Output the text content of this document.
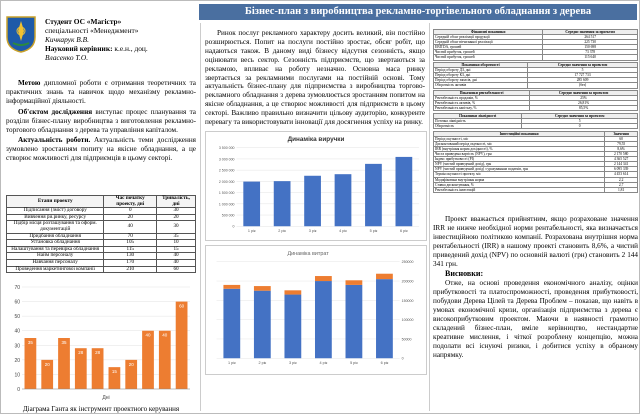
Бізнес-план з виробництва рекламно-торгівельного обладнання з дерева
Студент ОС «Магістр»
спеціальності «Менеджмент»
Кичкарук В.В.
Науковий керівник: к.е.н., доц.
Власенко Т.О.

Метою дипломної роботи є отримання теоретичних та практичних знань та навичок щодо механізму рекламно-інформаційної діяльності.

Об'єктом дослідження виступає процес планування та розділи бізнес-плану виробництва з виготовлення рекламно-торгового обладнання з дерева та управління капіталом.

Актуальність роботи. Актуальність теми дослідження зумовлено зростанням попиту на якісне обладнання, а це створює можливості для підприємців в цьому секторі.

Етапи проекту	Час початку проекту, дні	Тривалість, дні
Підписання (зміст) договору	0	30
Вивчення ри.ринку, ресурсу	20	20
Підбір місця розташування та оформ. документацій	40	30
Придбання обладнання	70	35
Установка обладнання	105	10
Налаштування та перевірка обладнання	115	15
Найм персоналу	130	40
Навчання персоналу	170	40
Проведення маркетингової компанії	210	60
0
10
20
30
40
50
60
70
35
20
35
28	28
15
20
40	40
60
Дні
Діаграма Ганта як інструмент проектного керування

Ринок послуг рекламного характеру досить великий, він постійно розширюється. Попит на послуги постійно зростає, обсяг робіт, що надаються також. В даному виді бізнесу відсутня сезонність, якщо оцінювати весь сектор. Сезонність підприємств, що звертаються за рекламою, впливає на роботу незначно. Основна маса ринку звертається за рекламними послугами на постійній основі. Тому актуальність бізнес-плану для підприємства з виробництва торгово-рекламного обладнання з дерева зумовлюється зростанням попитом на якісне обладнання, а це створює можливості для підприємств в цьому секторі. Важливо правильно визначити цільову аудиторію, конкуренте перевагу та використовувати інновації для досягнення успіху на ринку.

Динаміка виручки
0
500 000
1 000 000
1 500 000
2 000 000
2 500 000
3 000 000
3 500 000
1 рік	2 рік	3 рік	4 рік	5 рік	6 рік
Динаміка витрат
0
50000
100000
150000
200000
250000
1 рік	2 рік	3 рік	4 рік	5 рік	6 рік
Фінансові показники	Середнє значення за проектом
Середній обсяг реалізації продукції	264 517
Середній обсяг вітчизняної реалізації	225 730
EBITDA, грошей	150 698
Чистий прибуток, грошей	73 378
Чистий прибуток, грошей	115 640
Показники оборотності	Середнє значення за проектом
Період обороту ДЗ, дні	5
Період обороту КЗ, дні	17 727 733
Період обороту запасів, дні	285 609
Оборотність активів	(без)
Показники рентабельності	Середнє значення за проектом
Рентабельність продажів, %	25%
Рентабельність активів, %	26,81%
Рентабельність капіталу, %	85,5%
Показники ліквідності	Середнє значення за проектом
Поточна ліквідність	5
Оборотність	0
Інвестиційні показники	Значення
Період окупності, міс	60
Дисконтований період окупності, міс	79,55
IRR (внутрішня норма дохідності), %	8,6%
Чиста приведена вартість (NPV), грн	2 170 580
Індекс прибутковості (PI)	4 365 527
NPV (чистий приведений дохід), грн	2 144 341
NPV (чистий приведений дохід) з урахуванням податків, грн	6 095 339
Термін окупності проекту, міс	4 453 614
Модифікована внутрішня норма	2,2
Ставка дисконтування, %	2,7
Рентабельність інвестицій	1,81

Проект вважається прийнятним, якщо розраховане значення IRR не нижче необхідної норми рентабельності, яка визначається інвестиційною політикою компанії. Розрахована внутрішня норма рентабельності (IRR) в нашому проекті становить 8,6%, а чистий приведений дохід (NPV) по основній валюті (грн) становить 2 144 341 грн.

Висновки:

Отже, на основі проведення економічного аналізу, оцінки прибутковості та платоспроможності, проведення прибутковості, побудови Дерева Цілей та Дерева Проблем – показав, що навіть в умовах економічної кризи, організація підприємства з дерева є високоприбутковим проектом. Маючи в наявності грамотно складений бізнес-план, вміле керівництво, нестандартне креативне мислення, і чіткої розроблену концепцію, можна подолати всі існуючі ризики, і добитися успіху в обраному напрямку.
